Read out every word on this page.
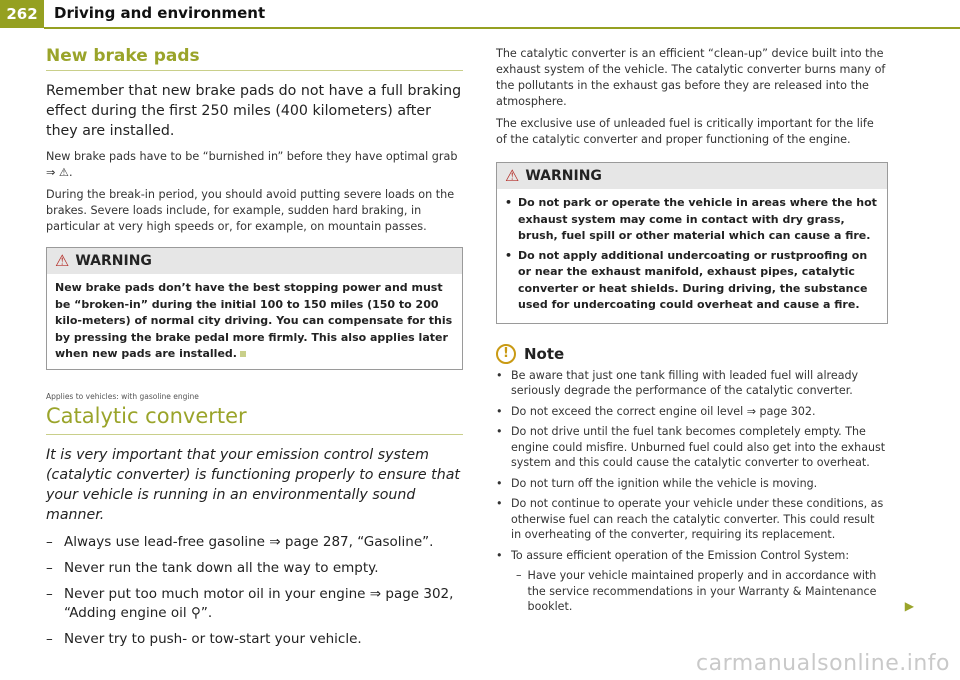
262	Driving and environment
New brake pads
Remember that new brake pads do not have a full braking effect during the first 250 miles (400 kilometers) after they are installed.
New brake pads have to be “burnished in” before they have optimal grab ⇒ ⚠.
During the break-in period, you should avoid putting severe loads on the brakes. Severe loads include, for example, sudden hard braking, in particular at very high speeds or, for example, on mountain passes.
⚠ WARNING
New brake pads don’t have the best stopping power and must be “broken-in” during the initial 100 to 150 miles (150 to 200 kilo-meters) of normal city driving. You can compensate for this by pressing the brake pedal more firmly. This also applies later when new pads are installed.
Applies to vehicles: with gasoline engine
Catalytic converter
It is very important that your emission control system (catalytic converter) is functioning properly to ensure that your vehicle is running in an environmentally sound manner.
– Always use lead-free gasoline ⇒ page 287, “Gasoline”.
– Never run the tank down all the way to empty.
– Never put too much motor oil in your engine ⇒ page 302, “Adding engine oil ⚲”.
– Never try to push- or tow-start your vehicle.
The catalytic converter is an efficient “clean-up” device built into the exhaust system of the vehicle. The catalytic converter burns many of the pollutants in the exhaust gas before they are released into the atmosphere.
The exclusive use of unleaded fuel is critically important for the life of the catalytic converter and proper functioning of the engine.
⚠ WARNING
• Do not park or operate the vehicle in areas where the hot exhaust system may come in contact with dry grass, brush, fuel spill or other material which can cause a fire.
• Do not apply additional undercoating or rustproofing on or near the exhaust manifold, exhaust pipes, catalytic converter or heat shields. During driving, the substance used for undercoating could overheat and cause a fire.
!	Note
• Be aware that just one tank filling with leaded fuel will already seriously degrade the performance of the catalytic converter.
• Do not exceed the correct engine oil level ⇒ page 302.
• Do not drive until the fuel tank becomes completely empty. The engine could misfire. Unburned fuel could also get into the exhaust system and this could cause the catalytic converter to overheat.
• Do not turn off the ignition while the vehicle is moving.
• Do not continue to operate your vehicle under these conditions, as otherwise fuel can reach the catalytic converter. This could result in overheating of the converter, requiring its replacement.
• To assure efficient operation of the Emission Control System:
– Have your vehicle maintained properly and in accordance with the service recommendations in your Warranty & Maintenance booklet.	▶
carmanualsonline.info
